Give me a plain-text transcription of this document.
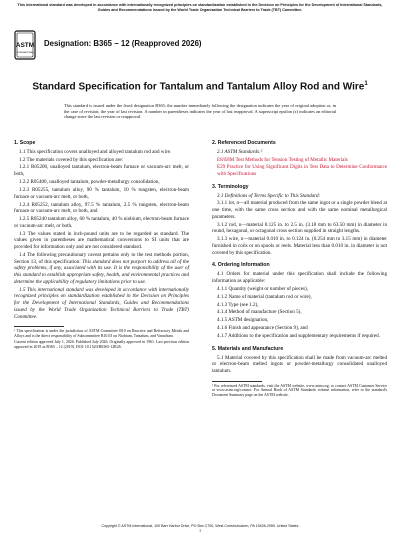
This international standard was developed in accordance with internationally recognized principles on standardization established in the Decision on Principles for the Development of International Standards, Guides and Recommendations issued by the World Trade Organization Technical Barriers to Trade (TBT) Committee.
ASTM
INTERNATIONAL
Designation: B365 − 12 (Reapproved 2026)
Standard Specification for Tantalum and Tantalum Alloy Rod and Wire$^1$
This standard is issued under the fixed designation B365; the number immediately following the designation indicates the year of original adoption or, in the case of revision, the year of last revision. A number in parentheses indicates the year of last reapproval. A superscript epsilon (ε) indicates an editorial change since the last revision or reapproval.
1. Scope

1.1 This specification covers unalloyed and alloyed tantalum rod and wire.

1.2 The materials covered by this specification are:

1.2.1 R05200, unalloyed tantalum, electron-beam furnace or vacuum-arc melt, or both,

1.2.2 R05400, unalloyed tantalum, powder-metallurgy consolidation,

1.2.3 R05255, tantalum alloy, 90 % tantalum, 10 % tungsten, electron-beam furnace or vacuum-arc melt, or both,

1.2.4 R05252, tantalum alloy, 97.5 % tantalum, 2.5 % tungsten, electron-beam furnace or vacuum-arc melt, or both, and

1.2.5 R05240 tantalum alloy, 60 % tantalum, 40 % niobium, electron-beam furnace or vacuum-arc melt, or both.

1.3 The values stated in inch-pound units are to be regarded as standard. The values given in parentheses are mathematical conversions to SI units that are provided for information only and are not considered standard.

1.4 The following precautionary caveat pertains only to the test methods portion, Section 13, of this specification: This standard does not purport to address all of the safety problems, if any, associated with its use. It is the responsibility of the user of this standard to establish appropriate safety, health, and environmental practices and determine the applicability of regulatory limitations prior to use.

1.5 This international standard was developed in accordance with internationally recognized principles on standardization established in the Decision on Principles for the Development of International Standards, Guides and Recommendations issued by the World Trade Organization Technical Barriers to Trade (TBT) Committee.

¹ This specification is under the jurisdiction of ASTM Committee B10 on Reactive and Refractory Metals and Alloys and is the direct responsibility of Subcommittee B10.03 on Niobium, Tantalum, and Vanadium.

Current edition approved July 1, 2026. Published July 2026. Originally approved in 1961. Last previous edition approved in 2019 as B365 – 12 (2019). DOI: 10.1520/B0365-12R26.

2. Referenced Documents

2.1 ASTM Standards:²

E8/E8M Test Methods for Tension Testing of Metallic Materials

E29 Practice for Using Significant Digits in Test Data to Determine Conformance with Specifications

3. Terminology

3.1 Definitions of Terms Specific to This Standard:

3.1.1 lot, n—all material produced from the same ingot or a single powder blend at one time, with the same cross section and with the same nominal metallurgical parameters.

3.1.2 rod, n—material 0.125 in. to 2.5 in. (3.18 mm to 63.50 mm) in diameter in round, hexagonal, or octagonal cross section supplied in straight lengths.

3.1.3 wire, n—material 0.010 in. to 0.124 in. (0.254 mm to 3.15 mm) in diameter furnished in coils or on spools or reels. Material less than 0.010 in. in diameter is not covered by this specification.

4. Ordering Information

4.1 Orders for material under this specification shall include the following information as applicable:

4.1.1 Quantity (weight or number of pieces),

4.1.2 Name of material (tantalum rod or wire),

4.1.3 Type (see 1.2),

4.1.4 Method of manufacture (Section 5),

4.1.5 ASTM designation,

4.1.6 Finish and appearance (Section 9), and

4.1.7 Additions to the specification and supplementary requirements if required.

5. Materials and Manufacture

5.1 Material covered by this specification shall be made from vacuum-arc melted or electron-beam melted ingots or powder-metallurgy consolidated unalloyed tantalum.

² For referenced ASTM standards, visit the ASTM website, www.astm.org, or contact ASTM Customer Service at www.astm.org/contact. For Annual Book of ASTM Standards volume information, refer to the standard's Document Summary page on the ASTM website.

Copyright © ASTM International, 100 Barr Harbor Drive, PO Box C700, West Conshohocken, PA 19428-2959. United States
1
